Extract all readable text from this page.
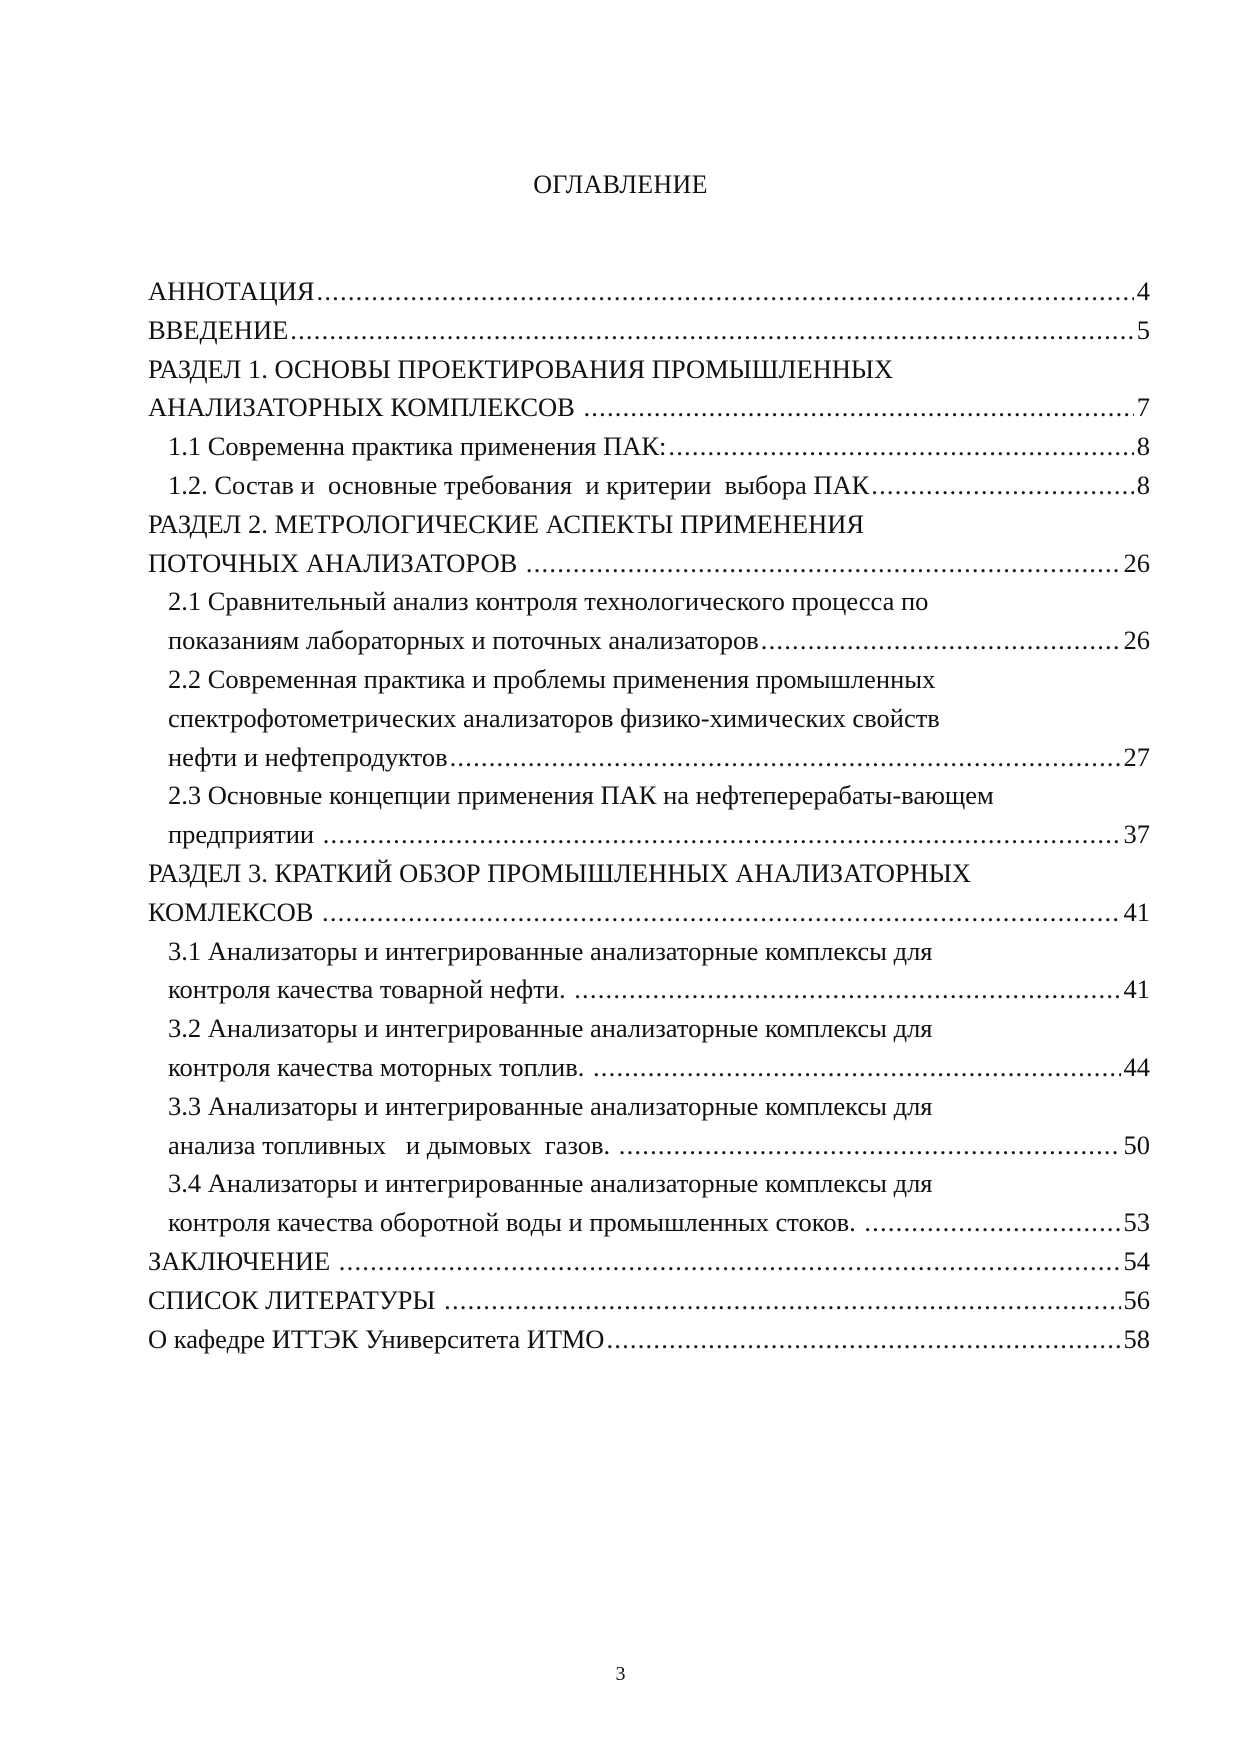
ОГЛАВЛЕНИЕ
АННОТАЦИЯ .....	4
ВВЕДЕНИЕ .....	5
РАЗДЕЛ 1. ОСНОВЫ ПРОЕКТИРОВАНИЯ ПРОМЫШЛЕННЫХ
АНАЛИЗАТОРНЫХ КОМПЛЕКСОВ .....	7
1.1 Современна практика применения ПАК: .....	8
1.2. Состав и  основные требования  и критерии  выбора ПАК .....	8
РАЗДЕЛ 2. МЕТРОЛОГИЧЕСКИЕ АСПЕКТЫ ПРИМЕНЕНИЯ
ПОТОЧНЫХ АНАЛИЗАТОРОВ .....	26
2.1 Сравнительный анализ контроля технологического процесса по
показаниям лабораторных и поточных анализаторов .....	26
2.2 Современная практика и проблемы применения промышленных
спектрофотометрических анализаторов физико-химических свойств
нефти и нефтепродуктов .....	27
2.3 Основные концепции применения ПАК на нефтеперерабаты-вающем
предприятии .....	37
РАЗДЕЛ 3. КРАТКИЙ ОБЗОР ПРОМЫШЛЕННЫХ АНАЛИЗАТОРНЫХ
КОМЛЕКСОВ .....	41
3.1 Анализаторы и интегрированные анализаторные комплексы для
контроля качества товарной нефти. .....	41
3.2 Анализаторы и интегрированные анализаторные комплексы для
контроля качества моторных топлив. .....	44
3.3 Анализаторы и интегрированные анализаторные комплексы для
анализа топливных   и дымовых  газов. .....	50
3.4 Анализаторы и интегрированные анализаторные комплексы для
контроля качества оборотной воды и промышленных стоков. .....	53
ЗАКЛЮЧЕНИЕ .....	54
СПИСОК ЛИТЕРАТУРЫ .....	56
О кафедре ИТТЭК Университета ИТМО .....	58
3
